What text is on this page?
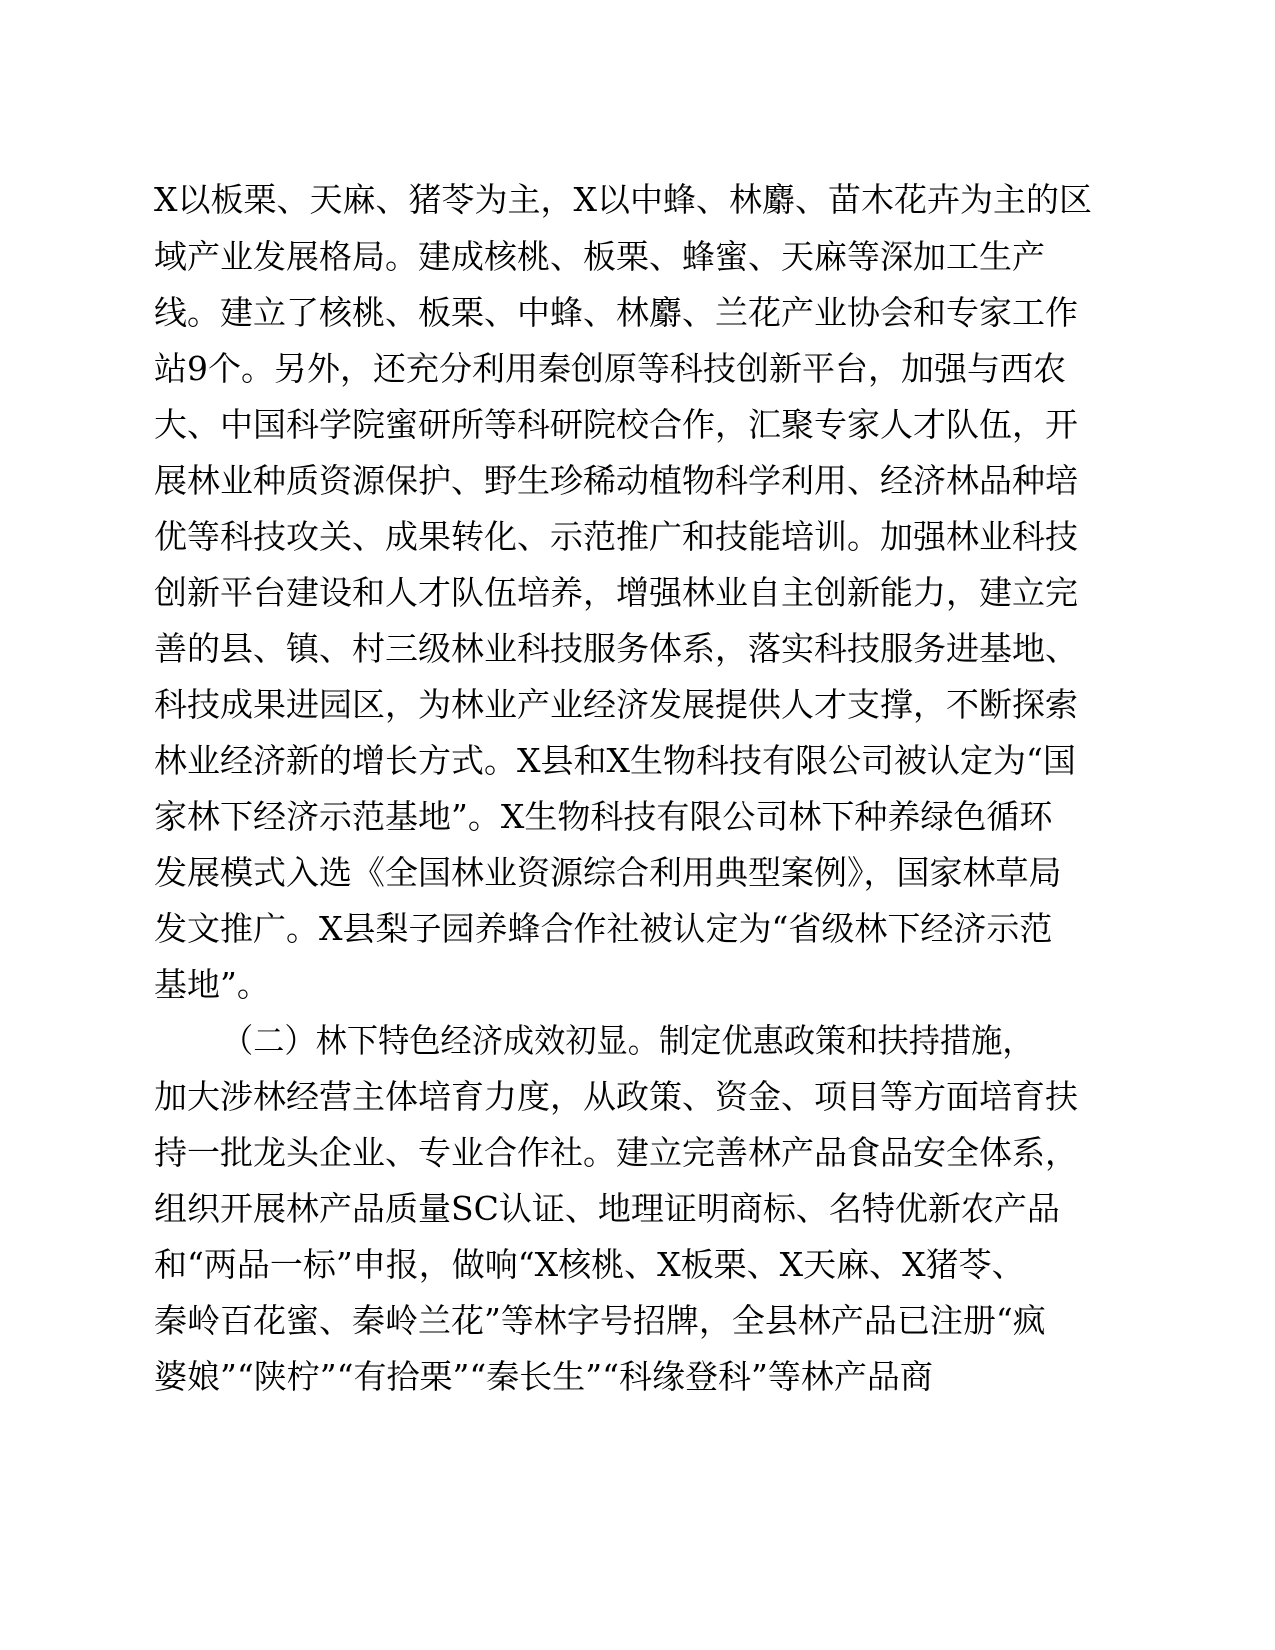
X以板栗、天麻、猪苓为主，X以中蜂、林麝、苗木花卉为主的区
域产业发展格局。建成核桃、板栗、蜂蜜、天麻等深加工生产
线。建立了核桃、板栗、中蜂、林麝、兰花产业协会和专家工作
站9个。另外，还充分利用秦创原等科技创新平台，加强与西农
大、中国科学院蜜研所等科研院校合作，汇聚专家人才队伍，开
展林业种质资源保护、野生珍稀动植物科学利用、经济林品种培
优等科技攻关、成果转化、示范推广和技能培训。加强林业科技
创新平台建设和人才队伍培养，增强林业自主创新能力，建立完
善的县、镇、村三级林业科技服务体系，落实科技服务进基地、
科技成果进园区，为林业产业经济发展提供人才支撑，不断探索
林业经济新的增长方式。X县和X生物科技有限公司被认定为“国
家林下经济示范基地”。X生物科技有限公司林下种养绿色循环
发展模式入选《全国林业资源综合利用典型案例》，国家林草局
发文推广。X县梨子园养蜂合作社被认定为“省级林下经济示范
基地”。
（二）林下特色经济成效初显。制定优惠政策和扶持措施，
加大涉林经营主体培育力度，从政策、资金、项目等方面培育扶
持一批龙头企业、专业合作社。建立完善林产品食品安全体系，
组织开展林产品质量SC认证、地理证明商标、名特优新农产品
和“两品一标”申报，做响“X核桃、X板栗、X天麻、X猪苓、
秦岭百花蜜、秦岭兰花”等林字号招牌，全县林产品已注册“疯
婆娘”“陕柠”“有拾栗”“秦长生”“科缘登科”等林产品商
